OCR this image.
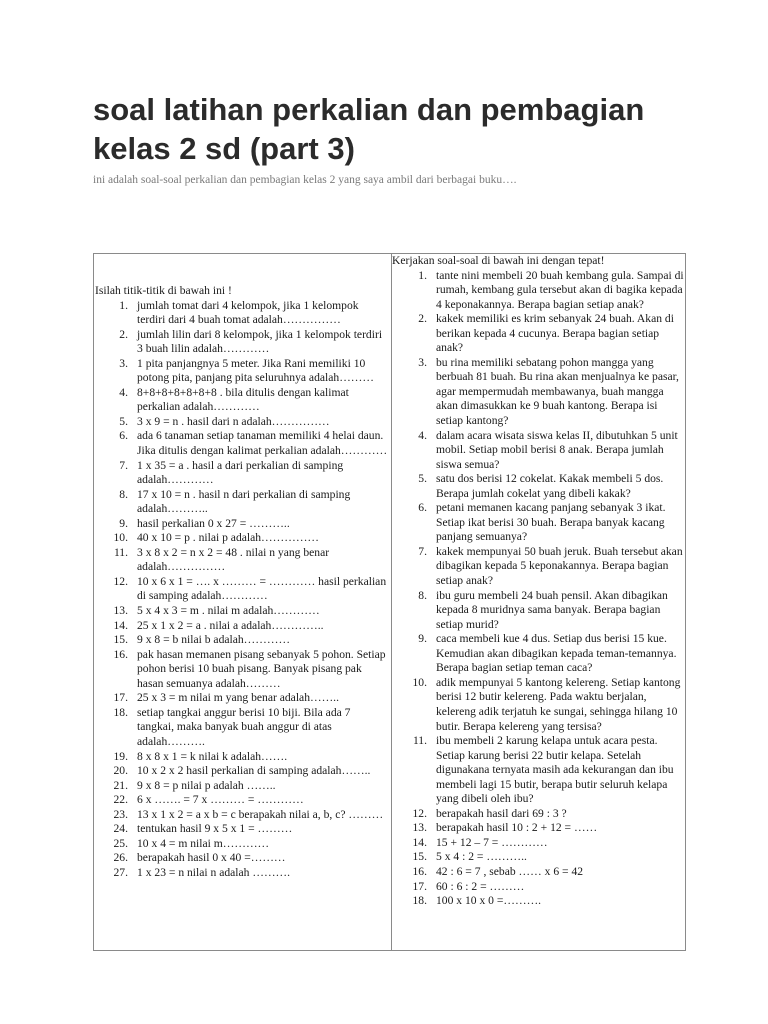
soal latihan perkalian dan pembagian kelas 2 sd (part 3)

ini adalah soal-soal perkalian dan pembagian kelas 2 yang saya ambil dari berbagai buku….

Isilah titik-titik di bawah ini !

1. jumlah tomat dari 4 kelompok, jika 1 kelompok terdiri dari 4 buah tomat adalah……………
2. jumlah lilin dari 8 kelompok, jika 1 kelompok terdiri 3 buah lilin adalah…………
3. 1 pita panjangnya 5 meter. Jika Rani memiliki 10 potong pita, panjang pita seluruhnya adalah………
4. 8+8+8+8+8+8+8 . bila ditulis dengan kalimat perkalian adalah…………
5. 3 x 9 = n . hasil dari n adalah……………
6. ada 6 tanaman setiap tanaman memiliki 4 helai daun. Jika ditulis dengan kalimat perkalian adalah…………
7. 1 x 35 = a . hasil a dari perkalian di samping adalah…………
8. 17 x 10 = n . hasil n dari perkalian di samping adalah………..
9. hasil perkalian 0 x 27 = ………..
10. 40 x 10 = p . nilai p adalah……………
11. 3 x 8 x 2 = n x 2 = 48 . nilai n yang benar adalah……………
12. 10 x 6 x 1 = …. x ……… = ………… hasil perkalian di samping adalah…………
13. 5 x 4 x 3 = m . nilai m adalah…………
14. 25 x 1 x 2 = a . nilai a adalah…………..
15. 9 x 8 = b nilai b adalah…………
16. pak hasan memanen pisang sebanyak 5 pohon. Setiap pohon berisi 10 buah pisang. Banyak pisang pak hasan semuanya adalah………
17. 25 x 3 = m nilai m yang benar adalah……..
18. setiap tangkai anggur berisi 10 biji. Bila ada 7 tangkai, maka banyak buah anggur di atas adalah……….
19. 8 x 8 x 1 = k nilai k adalah…….
20. 10 x 2 x 2 hasil perkalian di samping adalah……..
21. 9 x 8 = p nilai p adalah ……..
22. 6 x ……. = 7 x ……… = …………
23. 13 x 1 x 2 = a x b = c berapakah nilai a, b, c? ………
24. tentukan hasil 9 x 5 x 1 = ………
25. 10 x 4 = m nilai m…………
26. berapakah hasil 0 x 40 =………
27. 1 x 23 = n nilai n adalah ……….

Kerjakan soal-soal di bawah ini dengan tepat!

1. tante nini membeli 20 buah kembang gula. Sampai di rumah, kembang gula tersebut akan di bagika kepada 4 keponakannya. Berapa bagian setiap anak?
2. kakek memiliki es krim sebanyak 24 buah. Akan di berikan kepada 4 cucunya. Berapa bagian setiap anak?
3. bu rina memiliki sebatang pohon mangga yang berbuah 81 buah. Bu rina akan menjualnya ke pasar, agar mempermudah membawanya, buah mangga akan dimasukkan ke 9 buah kantong. Berapa isi setiap kantong?
4. dalam acara wisata siswa kelas II, dibutuhkan 5 unit mobil. Setiap mobil berisi 8 anak. Berapa jumlah siswa semua?
5. satu dos berisi 12 cokelat. Kakak membeli 5 dos. Berapa jumlah cokelat yang dibeli kakak?
6. petani memanen kacang panjang sebanyak 3 ikat. Setiap ikat berisi 30 buah. Berapa banyak kacang panjang semuanya?
7. kakek mempunyai 50 buah jeruk. Buah tersebut akan dibagikan kepada 5 keponakannya. Berapa bagian setiap anak?
8. ibu guru membeli 24 buah pensil. Akan dibagikan kepada 8 muridnya sama banyak. Berapa bagian setiap murid?
9. caca membeli kue 4 dus. Setiap dus berisi 15 kue. Kemudian akan dibagikan kepada teman-temannya. Berapa bagian setiap teman caca?
10. adik mempunyai 5 kantong kelereng. Setiap kantong berisi 12 butir kelereng. Pada waktu berjalan, kelereng adik terjatuh ke sungai, sehingga hilang 10 butir. Berapa kelereng yang tersisa?
11. ibu membeli 2 karung kelapa untuk acara pesta. Setiap karung berisi 22 butir kelapa. Setelah digunakana ternyata masih ada kekurangan dan ibu membeli lagi 15 butir, berapa butir seluruh kelapa yang dibeli oleh ibu?
12. berapakah hasil dari 69 : 3 ?
13. berapakah hasil 10 : 2 + 12 = ……
14. 15 + 12 – 7 = …………
15. 5 x 4 : 2 = ………..
16. 42 : 6 = 7 , sebab …… x 6 = 42
17. 60 : 6 : 2 = ………
18. 100 x 10 x 0 =……….
